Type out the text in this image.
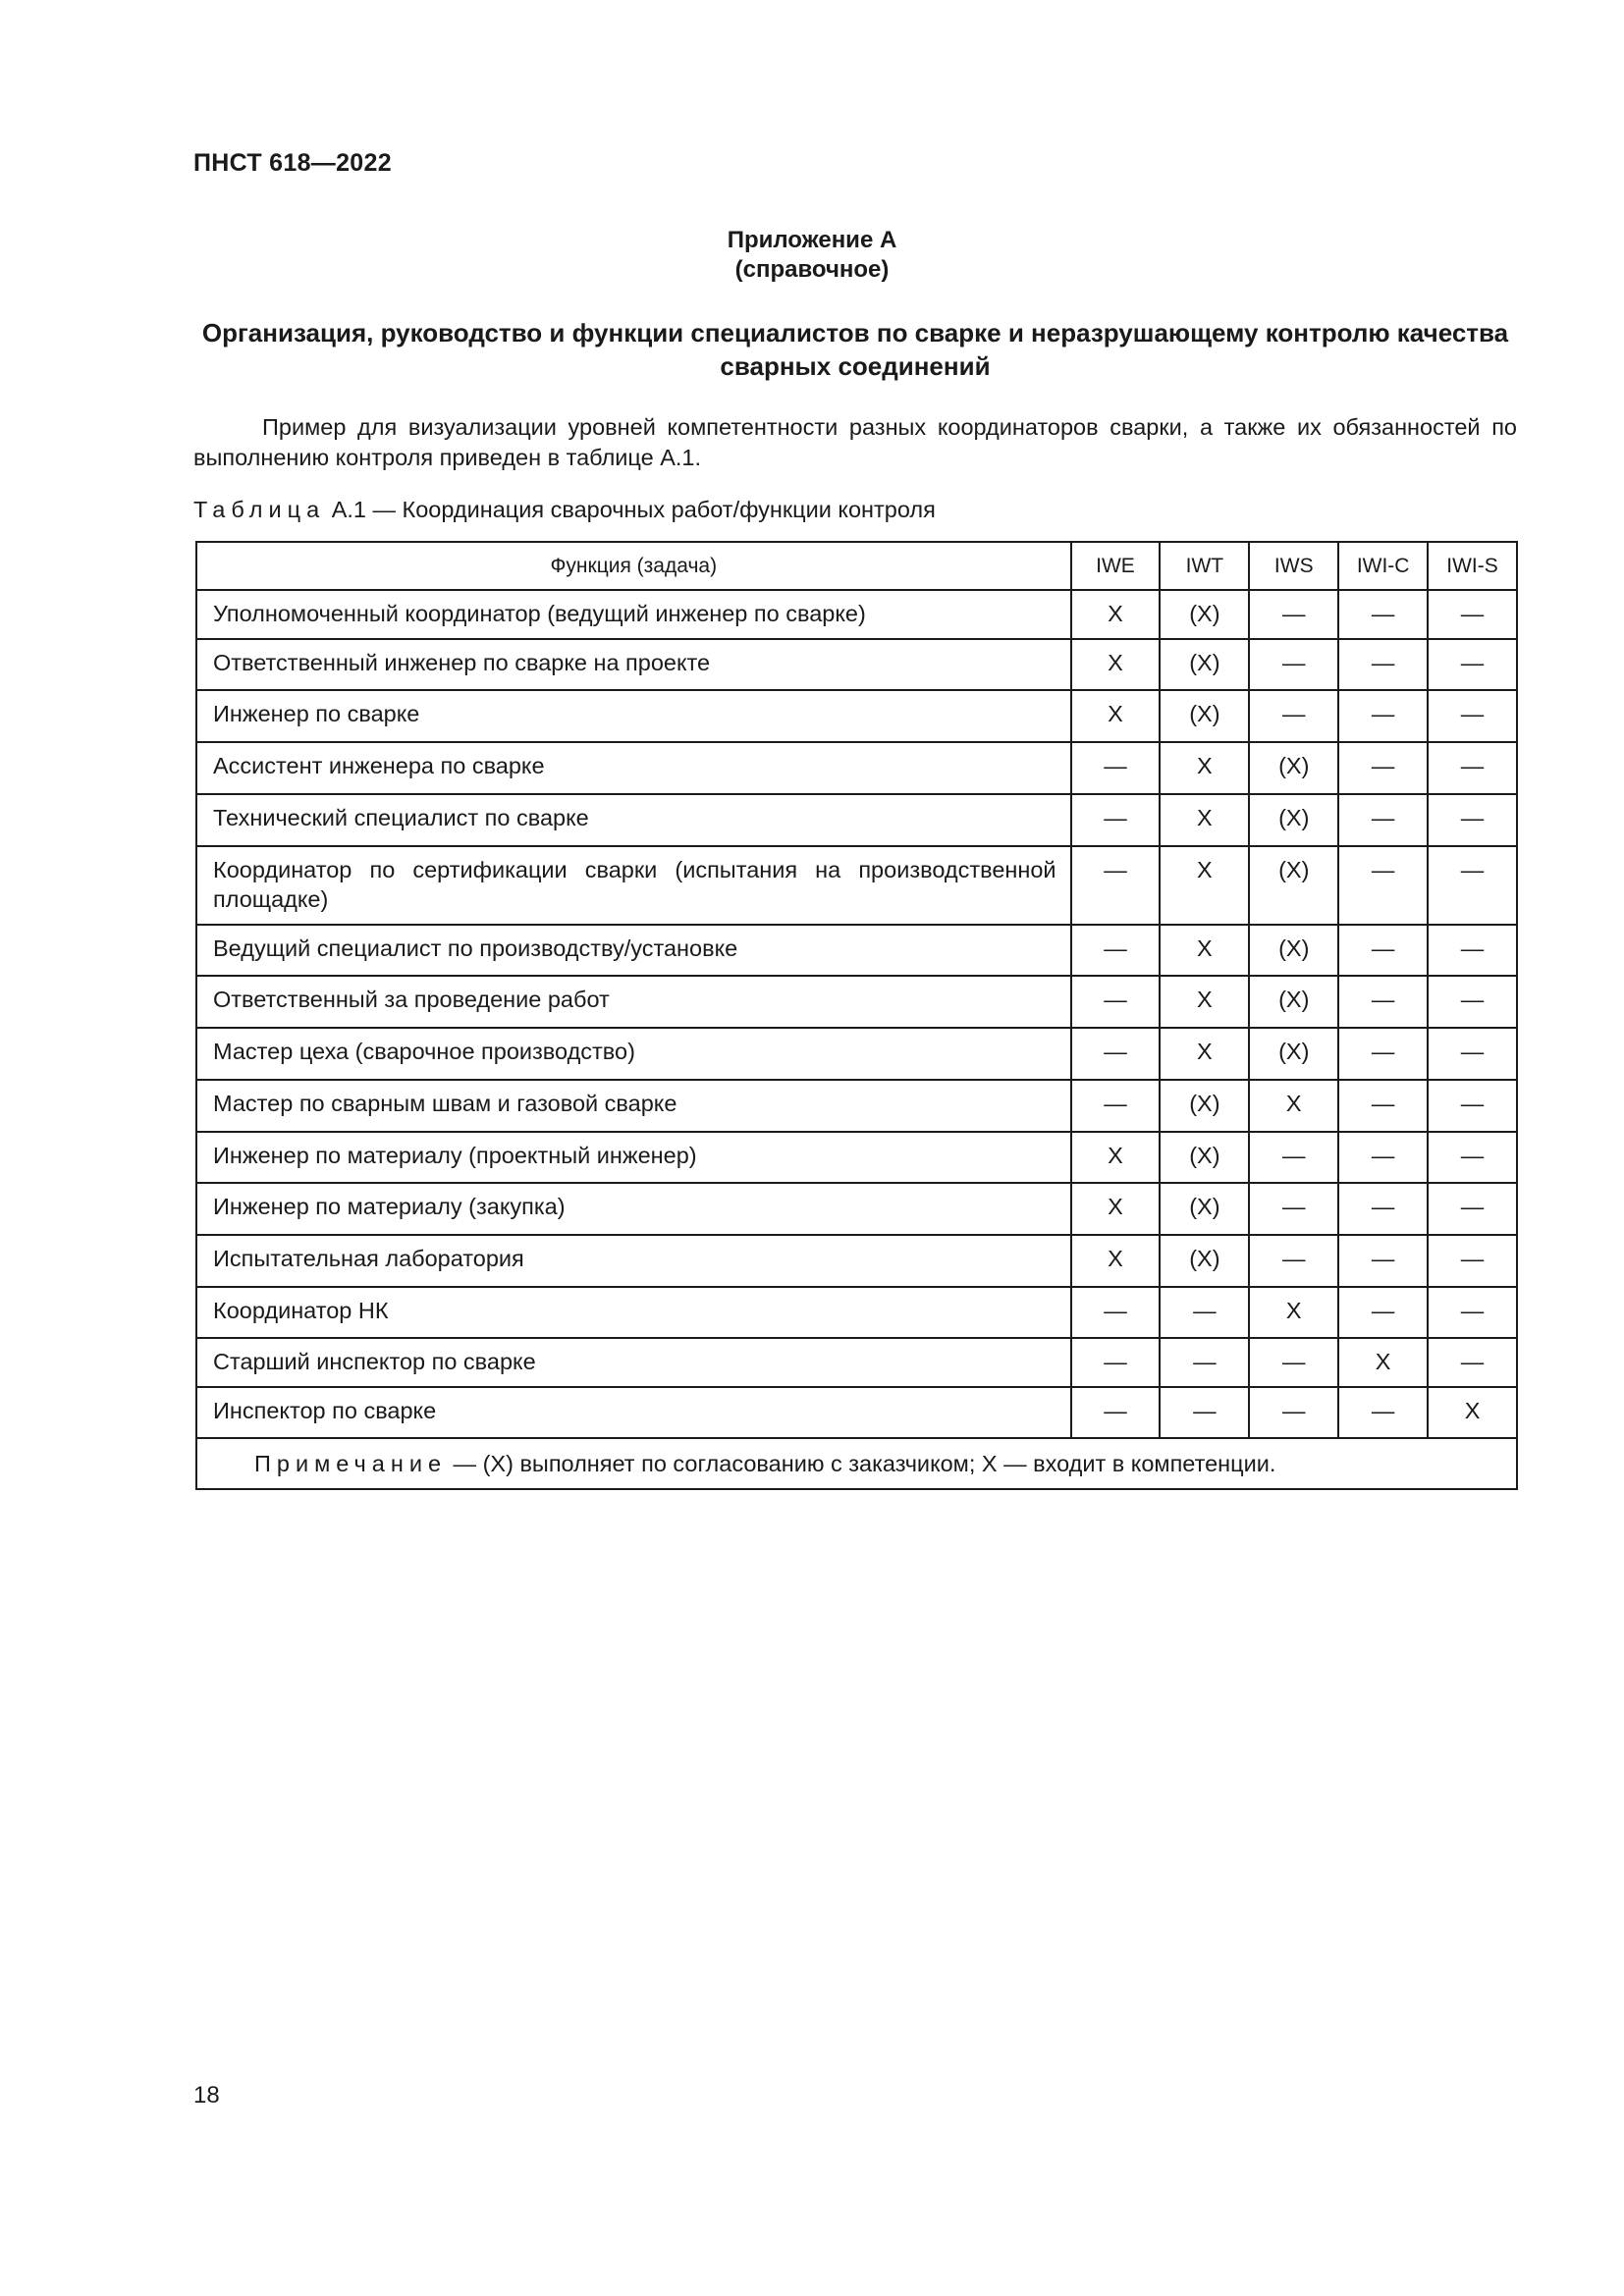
ПНСТ 618—2022
Приложение А
(справочное)
Организация, руководство и функции специалистов по сварке и неразрушающему контролю качества сварных соединений
Пример для визуализации уровней компетентности разных координаторов сварки, а также их обязанностей по выполнению контроля приведен в таблице А.1.
Таблица А.1 — Координация сварочных работ/функции контроля
Функция (задача)	IWE	IWT	IWS	IWI-C	IWI-S
Уполномоченный координатор (ведущий инженер по сварке)	X	(X)	—	—	—
Ответственный инженер по сварке на проекте	X	(X)	—	—	—
Инженер по сварке	X	(X)	—	—	—
Ассистент инженера по сварке	—	X	(X)	—	—
Технический специалист по сварке	—	X	(X)	—	—
Координатор по сертификации сварки (испытания на производственной площадке)	—	X	(X)	—	—
Ведущий специалист по производству/установке	—	X	(X)	—	—
Ответственный за проведение работ	—	X	(X)	—	—
Мастер цеха (сварочное производство)	—	X	(X)	—	—
Мастер по сварным швам и газовой сварке	—	(X)	X	—	—
Инженер по материалу (проектный инженер)	X	(X)	—	—	—
Инженер по материалу (закупка)	X	(X)	—	—	—
Испытательная лаборатория	X	(X)	—	—	—
Координатор НК	—	—	X	—	—
Старший инспектор по сварке	—	—	—	X	—
Инспектор по сварке	—	—	—	—	X
Примечание — (X) выполняет по согласованию с заказчиком; X — входит в компетенции.					
18
